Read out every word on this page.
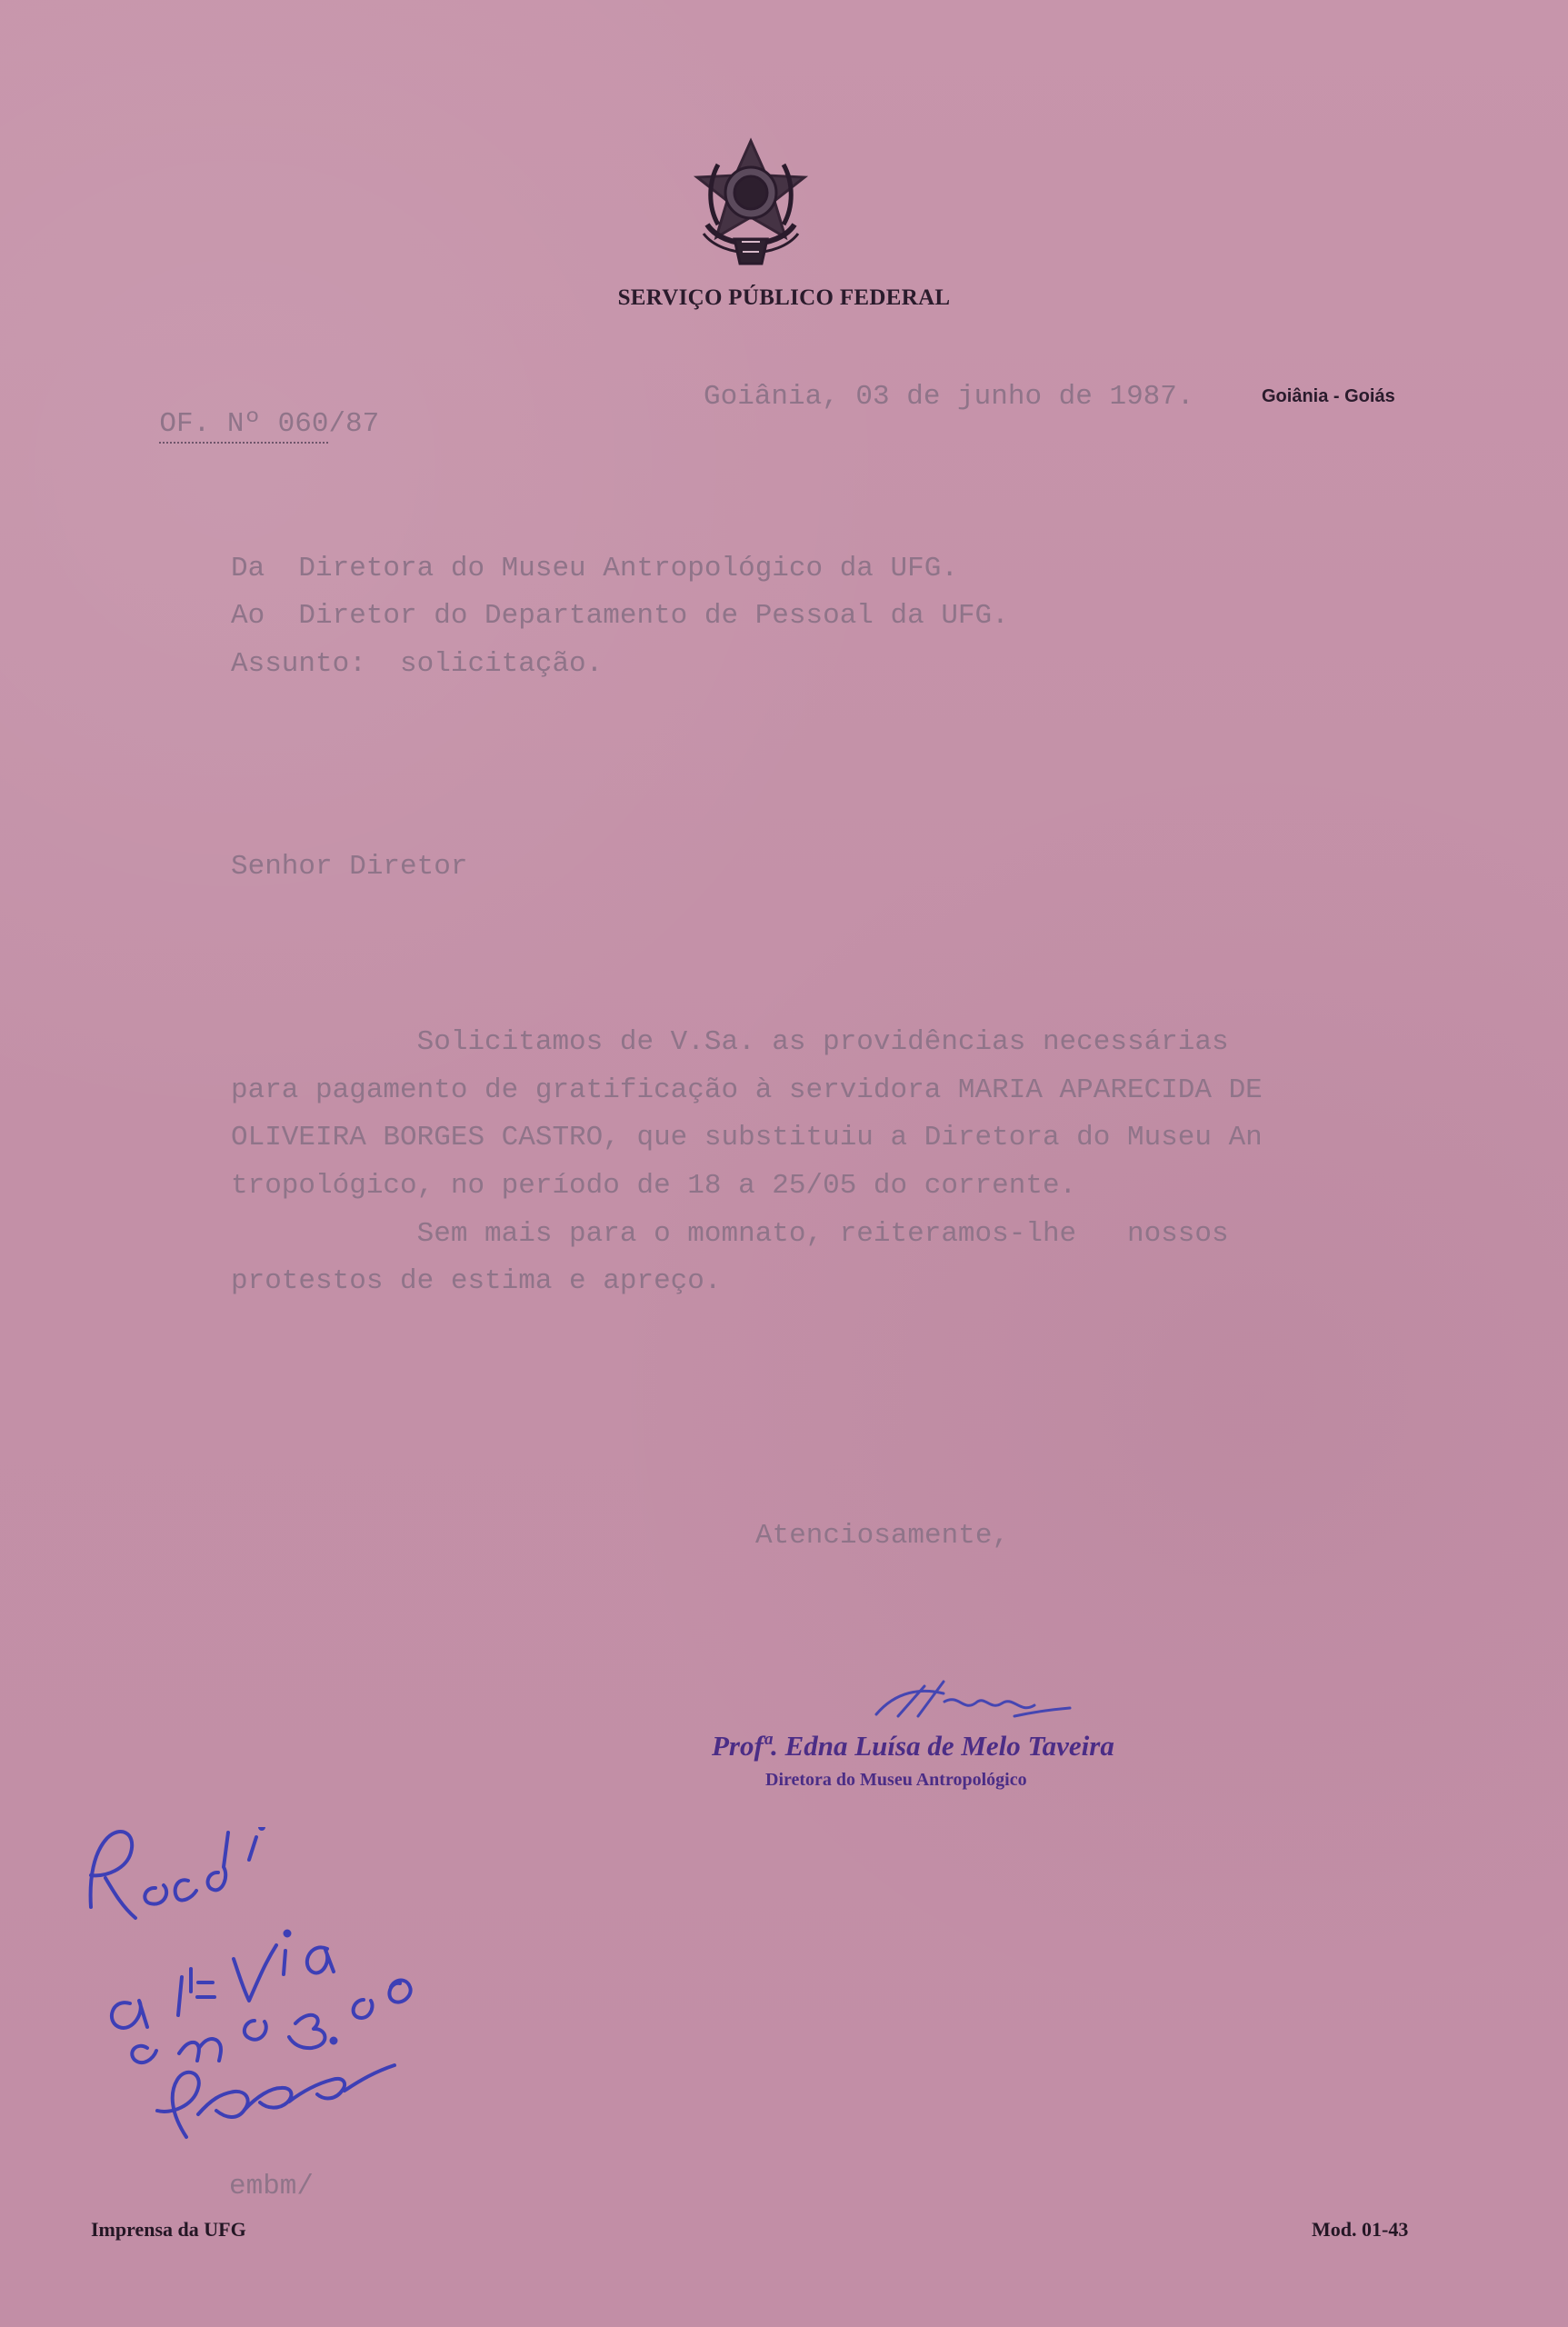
SERVIÇO PÚBLICO FEDERAL

OF. Nº 060/87

Goiânia, 03 de junho de 1987.	Goiânia - Goiás
Da  Diretora do Museu Antropológico da UFG.
Ao  Diretor do Departamento de Pessoal da UFG.
Assunto:  solicitação.
Senhor Diretor
Solicitamos de V.Sa. as providências necessárias
para pagamento de gratificação à servidora MARIA APARECIDA DE
OLIVEIRA BORGES CASTRO, que substituiu a Diretora do Museu An
tropológico, no período de 18 a 25/05 do corrente.
Sem mais para o momnato, reiteramos-lhe   nossos
protestos de estima e apreço.
Atenciosamente,
Profª. Edna Luísa de Melo Taveira
Diretora do Museu Antropológico
embm/
Imprensa da UFG	Mod. 01-43
